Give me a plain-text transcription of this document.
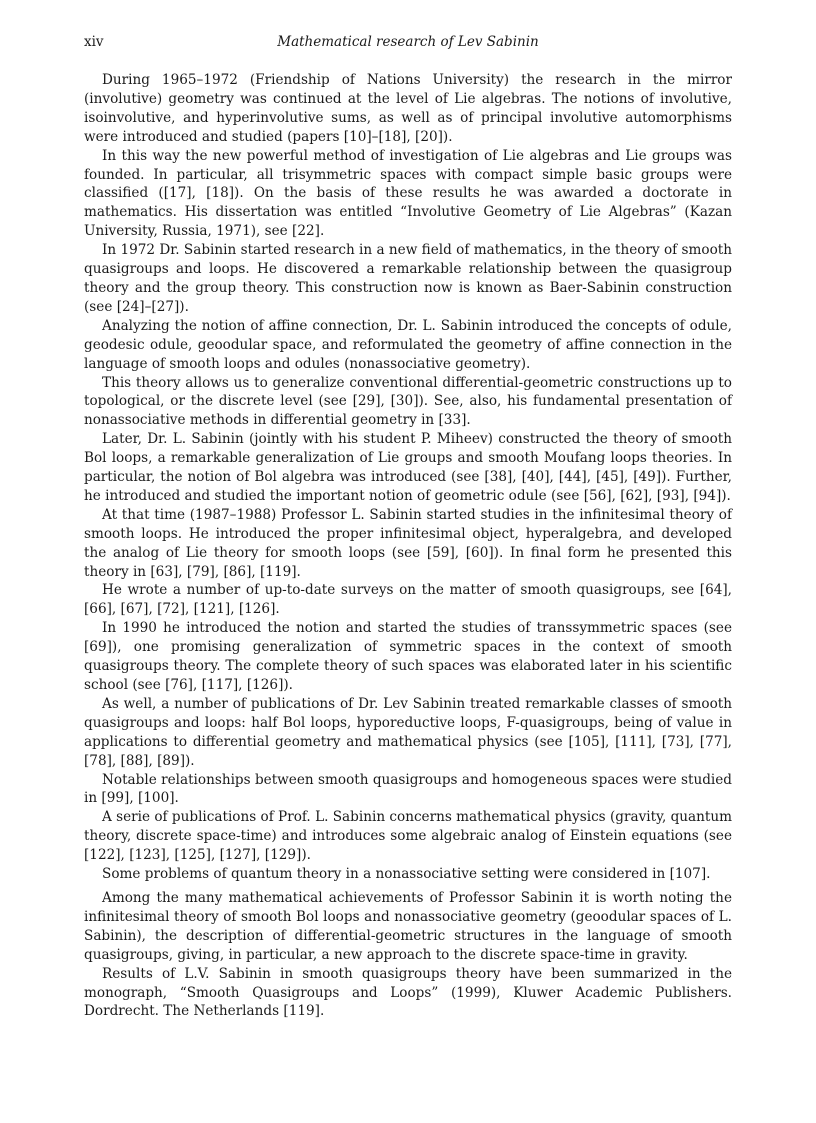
xiv	Mathematical research of Lev Sabinin

During 1965–1972 (Friendship of Nations University) the research in the mirror (involutive) geometry was continued at the level of Lie algebras. The notions of involutive, isoinvolutive, and hyperinvolutive sums, as well as of principal involutive automorphisms were introduced and studied (papers [10]–[18], [20]).

In this way the new powerful method of investigation of Lie algebras and Lie groups was founded. In particular, all trisymmetric spaces with compact simple basic groups were classified ([17], [18]). On the basis of these results he was awarded a doctorate in mathematics. His dissertation was entitled “Involutive Geometry of Lie Algebras” (Kazan University, Russia, 1971), see [22].

In 1972 Dr. Sabinin started research in a new field of mathematics, in the theory of smooth quasigroups and loops. He discovered a remarkable relationship between the quasigroup theory and the group theory. This construction now is known as Baer-Sabinin construction (see [24]–[27]).

Analyzing the notion of affine connection, Dr. L. Sabinin introduced the concepts of odule, geodesic odule, geoodular space, and reformulated the geometry of affine connection in the language of smooth loops and odules (nonassociative geometry).

This theory allows us to generalize conventional differential-geometric constructions up to topological, or the discrete level (see [29], [30]). See, also, his fundamental presentation of nonassociative methods in differential geometry in [33].

Later, Dr. L. Sabinin (jointly with his student P. Miheev) constructed the theory of smooth Bol loops, a remarkable generalization of Lie groups and smooth Moufang loops theories. In particular, the notion of Bol algebra was introduced (see [38], [40], [44], [45], [49]). Further, he introduced and studied the important notion of geometric odule (see [56], [62], [93], [94]).

At that time (1987–1988) Professor L. Sabinin started studies in the infinitesimal theory of smooth loops. He introduced the proper infinitesimal object, hyperalgebra, and developed the analog of Lie theory for smooth loops (see [59], [60]). In final form he presented this theory in [63], [79], [86], [119].

He wrote a number of up-to-date surveys on the matter of smooth quasigroups, see [64], [66], [67], [72], [121], [126].

In 1990 he introduced the notion and started the studies of transsymmetric spaces (see [69]), one promising generalization of symmetric spaces in the context of smooth quasigroups theory. The complete theory of such spaces was elaborated later in his scientific school (see [76], [117], [126]).

As well, a number of publications of Dr. Lev Sabinin treated remarkable classes of smooth quasigroups and loops: half Bol loops, hyporeductive loops, F-quasigroups, being of value in applications to differential geometry and mathematical physics (see [105], [111], [73], [77], [78], [88], [89]).

Notable relationships between smooth quasigroups and homogeneous spaces were studied in [99], [100].

A serie of publications of Prof. L. Sabinin concerns mathematical physics (gravity, quantum theory, discrete space-time) and introduces some algebraic analog of Einstein equations (see [122], [123], [125], [127], [129]).

Some problems of quantum theory in a nonassociative setting were considered in [107].

Among the many mathematical achievements of Professor Sabinin it is worth noting the infinitesimal theory of smooth Bol loops and nonassociative geometry (geoodular spaces of L. Sabinin), the description of differential-geometric structures in the language of smooth quasigroups, giving, in particular, a new approach to the discrete space-time in gravity.

Results of L.V. Sabinin in smooth quasigroups theory have been summarized in the monograph, “Smooth Quasigroups and Loops” (1999), Kluwer Academic Publishers. Dordrecht. The Netherlands [119].
